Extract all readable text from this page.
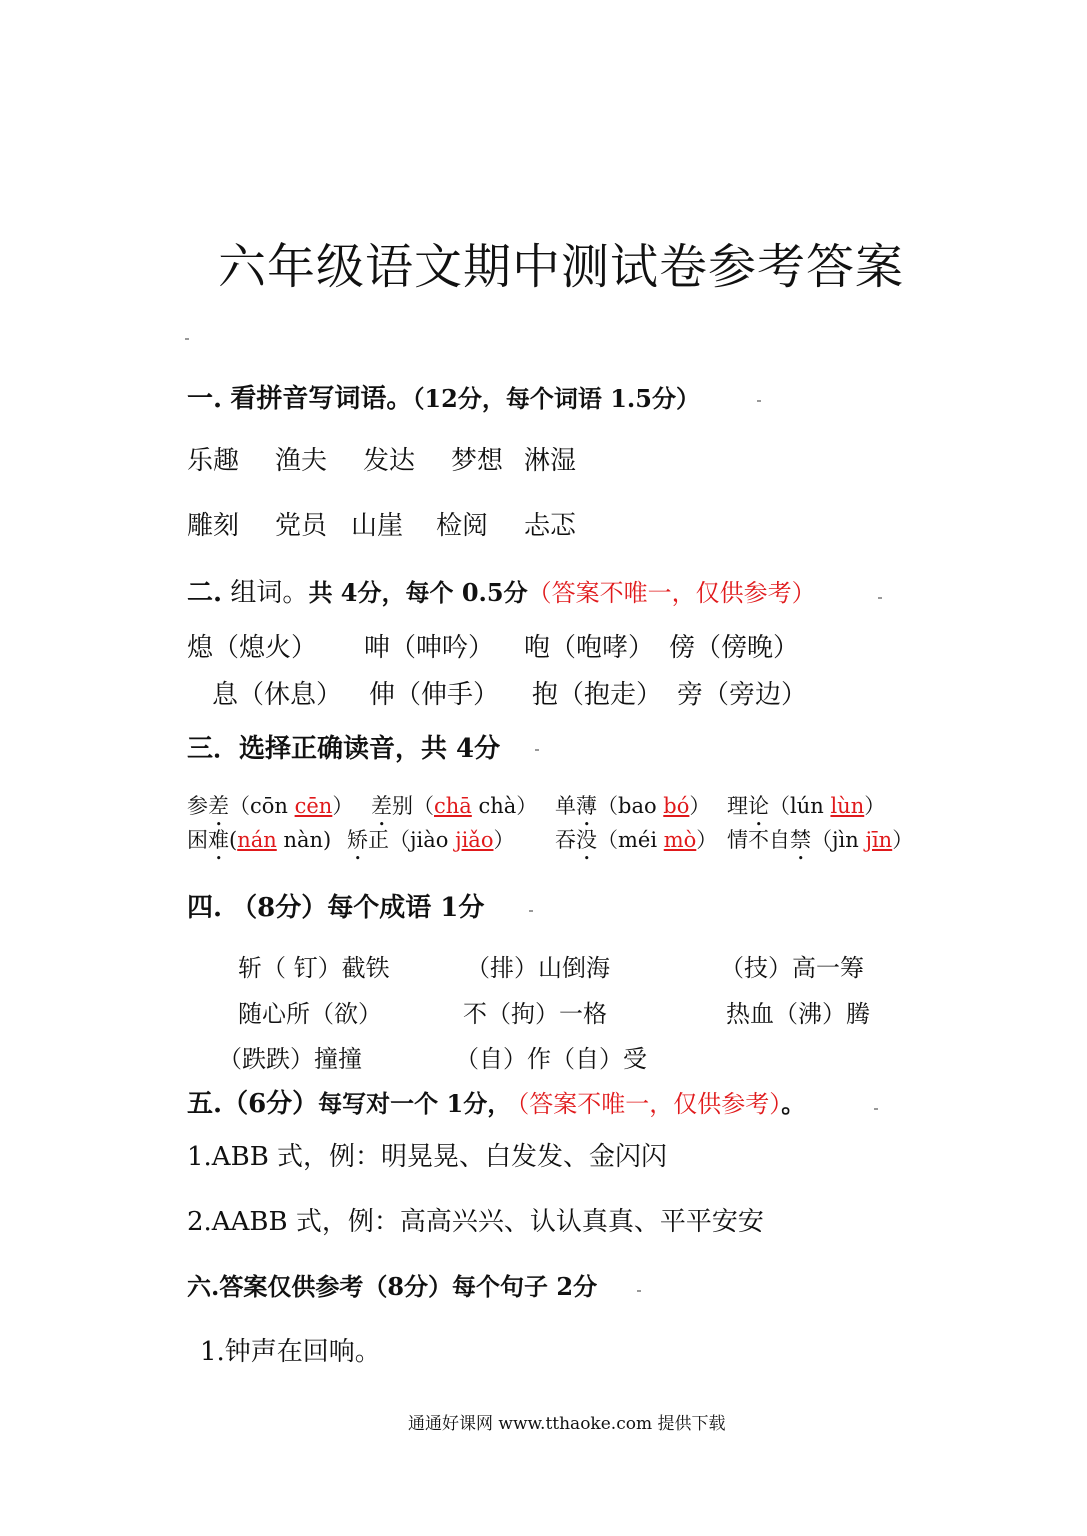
六年级语文期中测试卷参考答案
一. 看拼音写词语。（12分，每个词语 1.5分）
乐趣 渔夫 发达 梦想 淋湿
雕刻 党员 山崖 检阅 忐忑
二. 组词。共 4分，每个 0.5分（答案不唯一，仅供参考）
熄（熄火） 呻（呻吟） 咆（咆哮） 傍（傍晚）
息（休息） 伸（伸手） 抱（抱走） 旁（旁边）
三．选择正确读音，共 4分
参差（cōn cēn） 差别（chā chà） 单薄（bao bó） 理论（lún lùn）
困难(nán nàn) 矫正（jiào jiǎo） 吞没（méi mò） 情不自禁（jìn jīn）
四. （8分）每个成语 1分
斩（ 钉）截铁	（排）山倒海	（技）高一筹
随心所（欲）	不（拘）一格	热血（沸）腾
（跌跌）撞撞	（自）作（自）受
五.（6分）每写对一个 1分， （答案不唯一，仅供参考）。
1.ABB 式，例：明晃晃、白发发、金闪闪
2.AABB 式，例：高高兴兴、认认真真、平平安安
六.答案仅供参考（8分）每个句子 2分
1.钟声在回响。
通通好课网 www.tthaoke.com 提供下载
